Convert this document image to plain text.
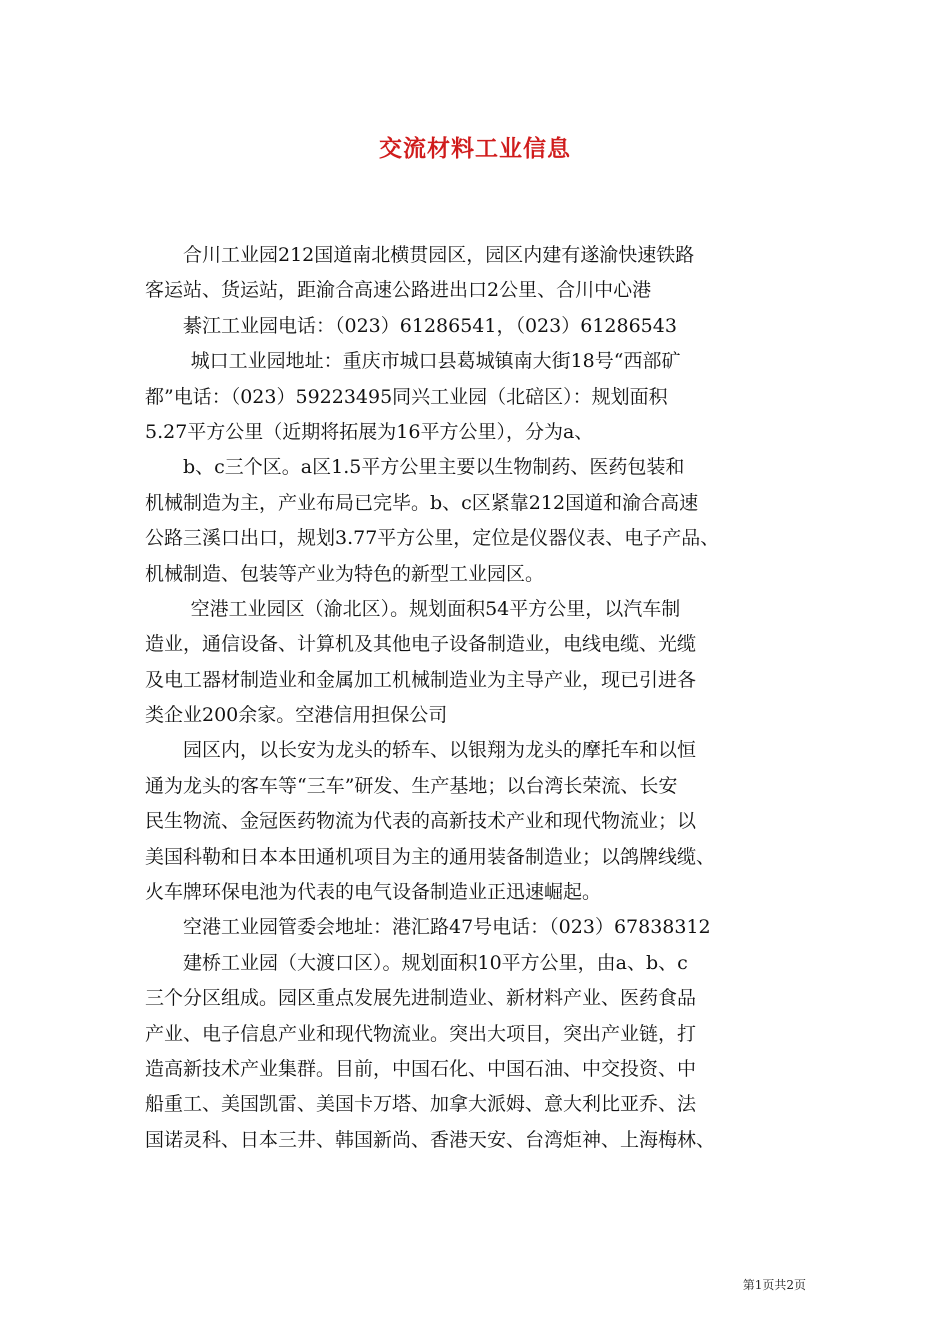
交流材料工业信息
合川工业园212国道南北横贯园区，园区内建有遂渝快速铁路
客运站、货运站，距渝合高速公路进出口2公里、合川中心港
綦江工业园电话：（023）61286541，（023）61286543
城口工业园地址：重庆市城口县葛城镇南大街18号“西部矿
都”电话：（023）59223495同兴工业园（北碚区）：规划面积
5.27平方公里（近期将拓展为16平方公里），分为a、
b、c三个区。a区1.5平方公里主要以生物制药、医药包装和
机械制造为主，产业布局已完毕。b、c区紧靠212国道和渝合高速
公路三溪口出口，规划3.77平方公里，定位是仪器仪表、电子产品、
机械制造、包装等产业为特色的新型工业园区。
空港工业园区（渝北区）。规划面积54平方公里，以汽车制
造业，通信设备、计算机及其他电子设备制造业，电线电缆、光缆
及电工器材制造业和金属加工机械制造业为主导产业，现已引进各
类企业200余家。空港信用担保公司
园区内，以长安为龙头的轿车、以银翔为龙头的摩托车和以恒
通为龙头的客车等“三车”研发、生产基地；以台湾长荣流、长安
民生物流、金冠医药物流为代表的高新技术产业和现代物流业；以
美国科勒和日本本田通机项目为主的通用装备制造业；以鸽牌线缆、
火车牌环保电池为代表的电气设备制造业正迅速崛起。
空港工业园管委会地址：港汇路47号电话：（023）67838312
建桥工业园（大渡口区）。规划面积10平方公里，由a、b、c
三个分区组成。园区重点发展先进制造业、新材料产业、医药食品
产业、电子信息产业和现代物流业。突出大项目，突出产业链，打
造高新技术产业集群。目前，中国石化、中国石油、中交投资、中
船重工、美国凯雷、美国卡万塔、加拿大派姆、意大利比亚乔、法
国诺灵科、日本三井、韩国新尚、香港天安、台湾炬神、上海梅林、
第1页共2页
